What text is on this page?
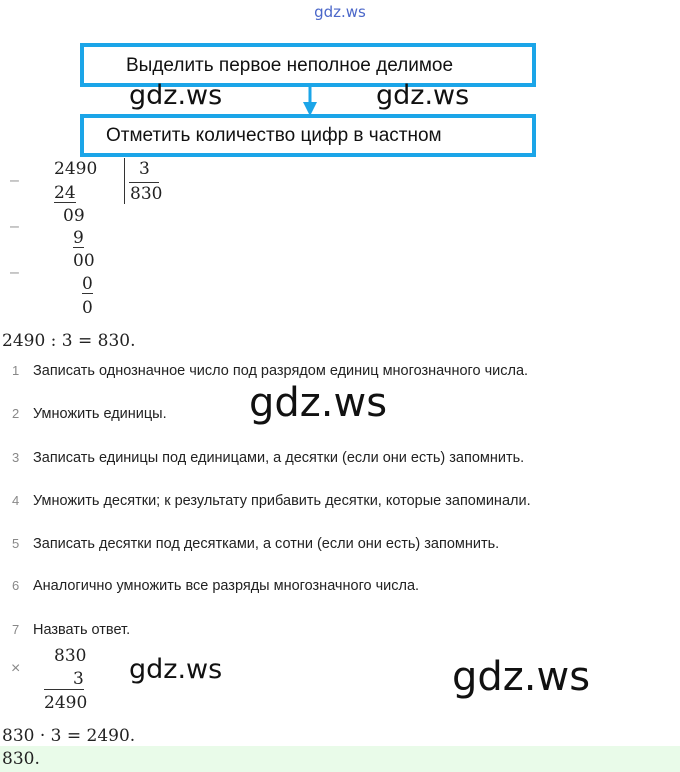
gdz.ws
Выделить первое неполное делимое
Отметить количество цифр в частном
gdz.ws	gdz.ws
–
–
–
2490 3
830
24
09
9
00
0
0
2490 : 3 = 830.
1 Записать однозначное число под разрядом единиц многозначного числа.
2 Умножить единицы.
3 Записать единицы под единицами, а десятки (если они есть) запомнить.
4 Умножить десятки; к результату прибавить десятки, которые запоминали.
5 Записать десятки под десятками, а сотни (если они есть) запомнить.
6 Аналогично умножить все разряды многозначного числа.
7 Назвать ответ.
gdz.ws
×
830
3
2490
gdz.ws	gdz.ws
830 · 3 = 2490.
830.
